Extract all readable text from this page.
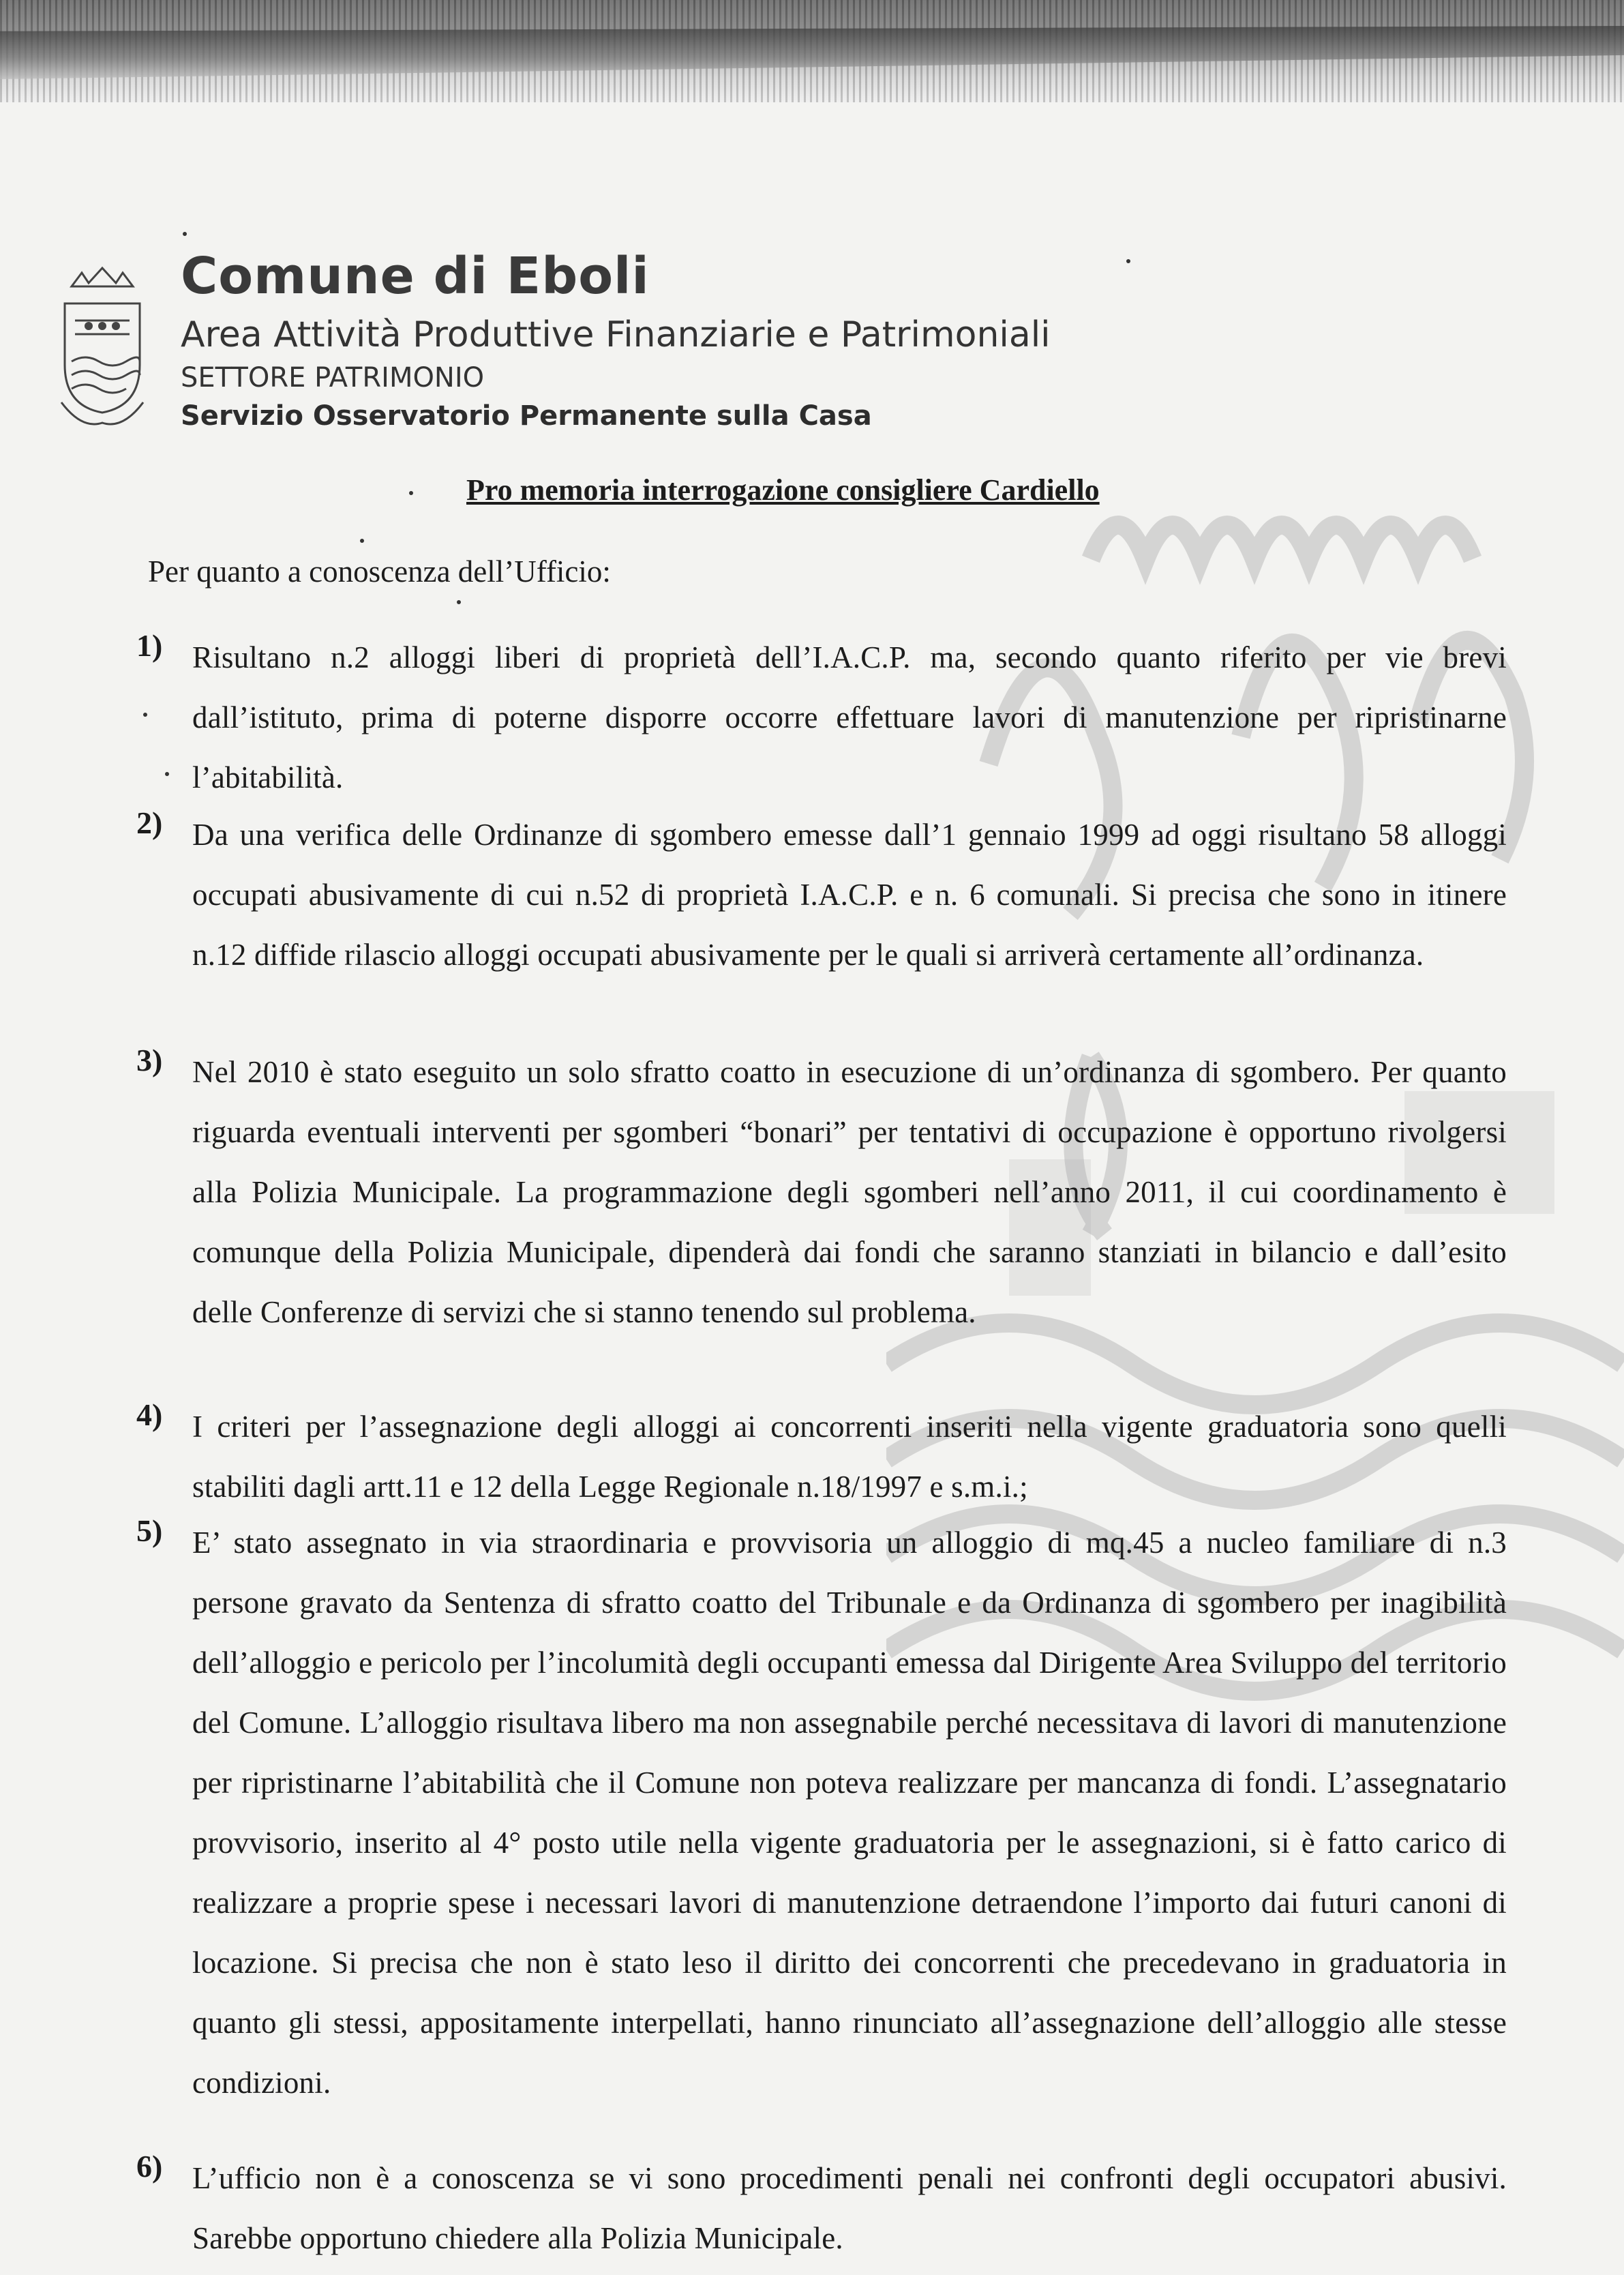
Comune di Eboli
Area Attività Produttive Finanziarie e Patrimoniali
SETTORE PATRIMONIO
Servizio Osservatorio Permanente sulla Casa
Pro memoria interrogazione consigliere Cardiello
Per quanto a conoscenza dell’Ufficio:
1) Risultano n.2 alloggi liberi di proprietà dell’I.A.C.P. ma, secondo quanto riferito per vie brevi dall’istituto, prima di poterne disporre occorre effettuare lavori di manutenzione per ripristinarne l’abitabilità.
2) Da una verifica delle Ordinanze di sgombero emesse dall’1 gennaio 1999 ad oggi risultano 58 alloggi occupati abusivamente di cui n.52 di proprietà I.A.C.P. e n. 6 comunali. Si precisa che sono in itinere n.12 diffide rilascio alloggi occupati abusivamente per le quali si arriverà certamente all’ordinanza.
3) Nel 2010 è stato eseguito un solo sfratto coatto in esecuzione di un’ordinanza di sgombero. Per quanto riguarda eventuali interventi per sgomberi “bonari” per tentativi di occupazione è opportuno rivolgersi alla Polizia Municipale. La programmazione degli sgomberi nell’anno 2011, il cui coordinamento è comunque della Polizia Municipale, dipenderà dai fondi che saranno stanziati in bilancio e dall’esito delle Conferenze di servizi che si stanno tenendo sul problema.
4) I criteri per l’assegnazione degli alloggi ai concorrenti inseriti nella vigente graduatoria sono quelli stabiliti dagli artt.11 e 12 della Legge Regionale n.18/1997 e s.m.i.;
5) E’ stato assegnato in via straordinaria e provvisoria un alloggio di mq.45 a nucleo familiare di n.3 persone gravato da Sentenza di sfratto coatto del Tribunale e da Ordinanza di sgombero per inagibilità dell’alloggio e pericolo per l’incolumità degli occupanti emessa dal Dirigente Area Sviluppo del territorio del Comune. L’alloggio risultava libero ma non assegnabile perché necessitava di lavori di manutenzione per ripristinarne l’abitabilità che il Comune non poteva realizzare per mancanza di fondi. L’assegnatario provvisorio, inserito al 4° posto utile nella vigente graduatoria per le assegnazioni, si è fatto carico di realizzare a proprie spese i necessari lavori di manutenzione detraendone l’importo dai futuri canoni di locazione. Si precisa che non è stato leso il diritto dei concorrenti che precedevano in graduatoria in quanto gli stessi, appositamente interpellati, hanno rinunciato all’assegnazione dell’alloggio alle stesse condizioni.
6) L’ufficio non è a conoscenza se vi sono procedimenti penali nei confronti degli occupatori abusivi. Sarebbe opportuno chiedere alla Polizia Municipale.
